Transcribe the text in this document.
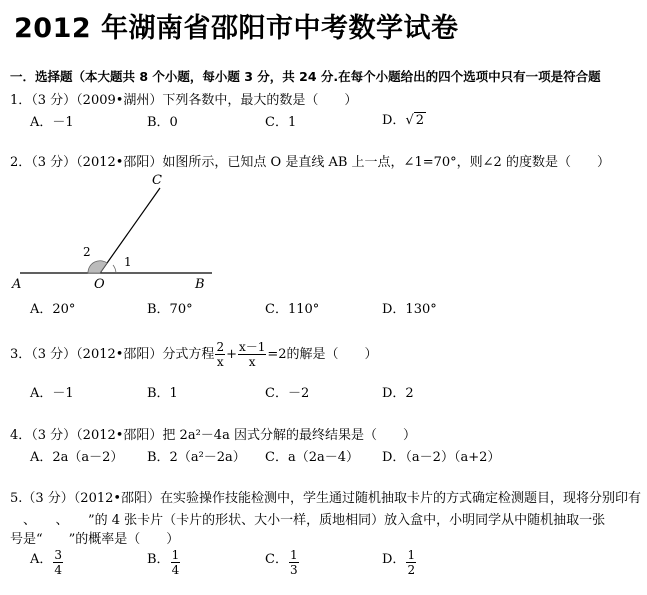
2012 年湖南省邵阳市中考数学试卷
一．选择题（本大题共 8 个小题，每小题 3 分，共 24 分.在每个小题给出的四个选项中只有一项是符合题
1．（3 分）（2009•湖州）下列各数中，最大的数是（　　）
A．－1	B．0	C．1	D．√ 2
2．（3 分）（2012•邵阳）如图所示，已知点 O 是直线 AB 上一点，∠1=70°，则∠2 的度数是（　　）
C
A	O	B
1
2
A．20°	B．70°	C．110°	D．130°
3．（3 分）（2012•邵阳）分式方程 $\frac{2}{x} + \frac{x-1}{x} =2$的解是（　　）
A．－1	B．1	C．－2	D．2
4．（3 分）（2012•邵阳）把 2a²－4a 因式分解的最终结果是（　　）
A．2a（a－2） B．2（a²－2a） C．a（2a－4） D．（a－2）（a+2）
5.（3 分）（2012•邵阳）在实验操作技能检测中，学生通过随机抽取卡片的方式确定检测题目，现将分别印有
　、　　、　　”的 4 张卡片（卡片的形状、大小一样，质地相同）放入盒中，小明同学从中随机抽取一张
号是“　　”的概率是（　　）
A． $\frac{3}{4}$	B． $\frac{1}{4}$	C． $\frac{1}{3}$	D． $\frac{1}{2}$
